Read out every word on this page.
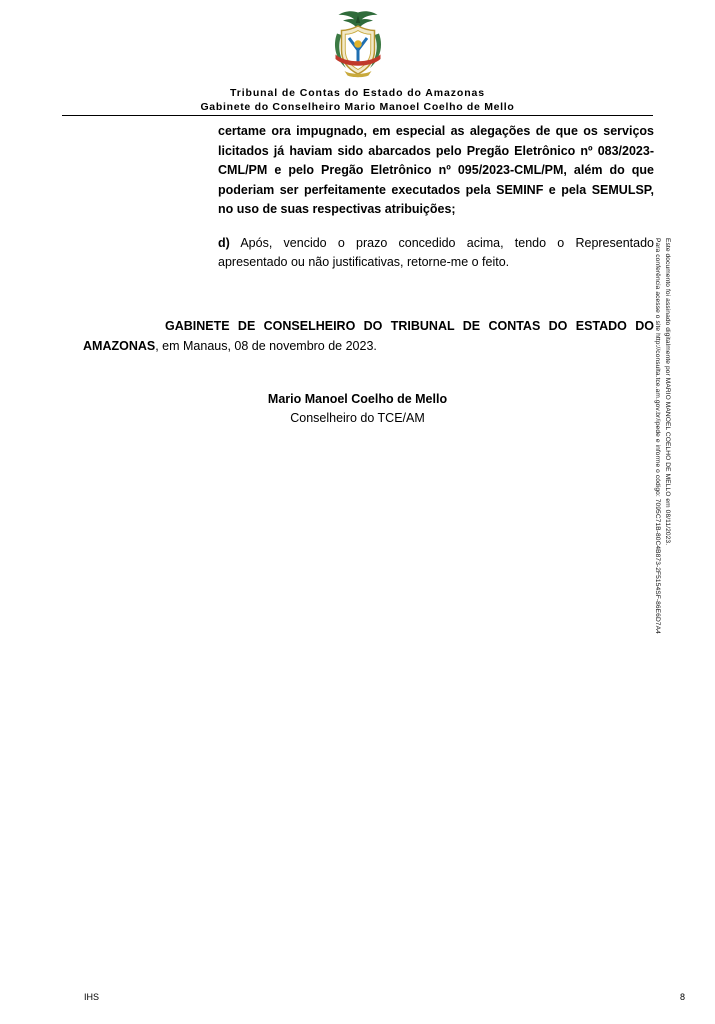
Tribunal de Contas do Estado do Amazonas
Gabinete do Conselheiro Mario Manoel Coelho de Mello

certame ora impugnado, em especial as alegações de que os serviços licitados já haviam sido abarcados pelo Pregão Eletrônico nº 083/2023-CML/PM e pelo Pregão Eletrônico nº 095/2023-CML/PM, além do que poderiam ser perfeitamente executados pela SEMINF e pela SEMULSP, no uso de suas respectivas atribuições;

d) Após, vencido o prazo concedido acima, tendo o Representado apresentado ou não justificativas, retorne-me o feito.

GABINETE DE CONSELHEIRO DO TRIBUNAL DE CONTAS DO ESTADO DO AMAZONAS, em Manaus, 08 de novembro de 2023.
Mario Manoel Coelho de Mello
Conselheiro do TCE/AM	Este documento foi assinado digitalmente por MARIO MANOEL COELHO DE MELLO em 08/11/2023.
Para conferência acesse o site http://consulta.tce.am.gov.br/ipede e informe o código: 7095C71B-80C4B873-2F5154SF-86E6D7A4
IHS	8
